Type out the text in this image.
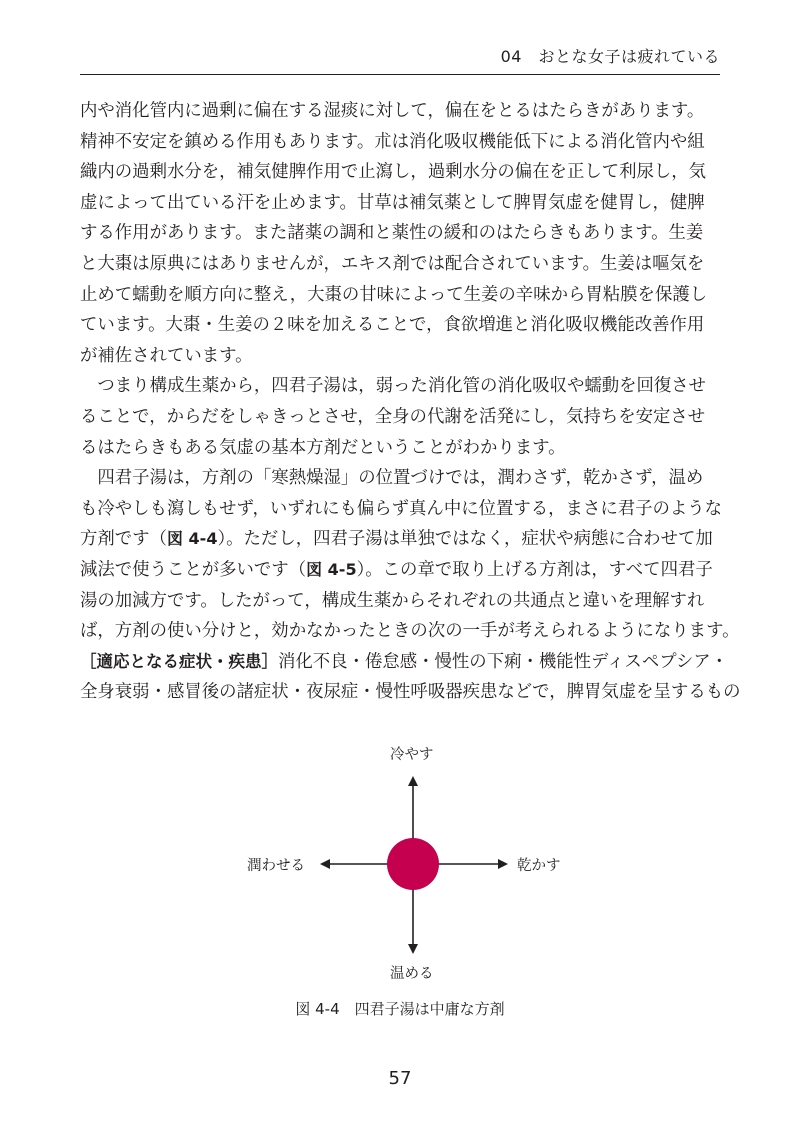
04　おとな女子は疲れている
内や消化管内に過剰に偏在する湿痰に対して，偏在をとるはたらきがあります。
精神不安定を鎮める作用もあります。朮は消化吸収機能低下による消化管内や組
織内の過剰水分を，補気健脾作用で止瀉し，過剰水分の偏在を正して利尿し，気
虚によって出ている汗を止めます。甘草は補気薬として脾胃気虚を健胃し，健脾
する作用があります。また諸薬の調和と薬性の緩和のはたらきもあります。生姜
と大棗は原典にはありませんが，エキス剤では配合されています。生姜は嘔気を
止めて蠕動を順方向に整え，大棗の甘味によって生姜の辛味から胃粘膜を保護し
ています。大棗・生姜の２味を加えることで，食欲増進と消化吸収機能改善作用
が補佐されています。
　つまり構成生薬から，四君子湯は，弱った消化管の消化吸収や蠕動を回復させ
ることで，からだをしゃきっとさせ，全身の代謝を活発にし，気持ちを安定させ
るはたらきもある気虚の基本方剤だということがわかります。
　四君子湯は，方剤の「寒熱燥湿」の位置づけでは，潤わさず，乾かさず，温め
も冷やしも瀉しもせず，いずれにも偏らず真ん中に位置する，まさに君子のような
方剤です（図 4-4）。ただし，四君子湯は単独ではなく，症状や病態に合わせて加
減法で使うことが多いです（図 4-5）。この章で取り上げる方剤は，すべて四君子
湯の加減方です。したがって，構成生薬からそれぞれの共通点と違いを理解すれ
ば，方剤の使い分けと，効かなかったときの次の一手が考えられるようになります。
［適応となる症状・疾患］消化不良・倦怠感・慢性の下痢・機能性ディスペプシア・
全身衰弱・感冒後の諸症状・夜尿症・慢性呼吸器疾患などで，脾胃気虚を呈するもの
冷やす
温める
潤わせる	乾かす
図 4-4　四君子湯は中庸な方剤
57
